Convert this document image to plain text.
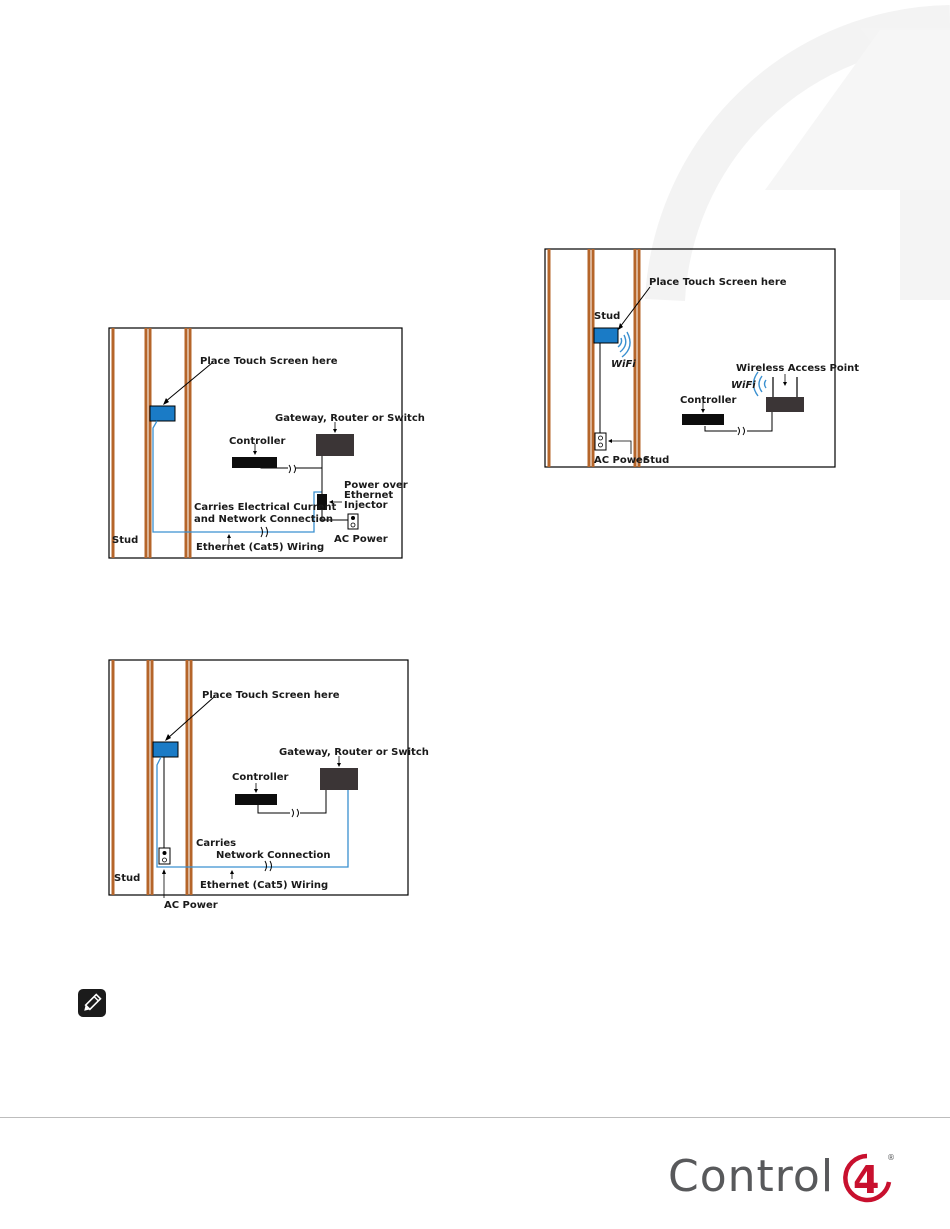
Place Touch Screen here
Gateway, Router or Switch
Controller
Power over
Ethernet
Injector
Carries Electrical Current
and Network Connection
AC Power
Stud
Ethernet (Cat5) Wiring
Place Touch Screen here
Gateway, Router or Switch
Controller
Carries
Network Connection
Stud
Ethernet (Cat5) Wiring
AC Power
Place Touch Screen here
Stud
WiFi	Wireless Access Point
WiFi
Controller
AC Power
Stud
Control 4
®
